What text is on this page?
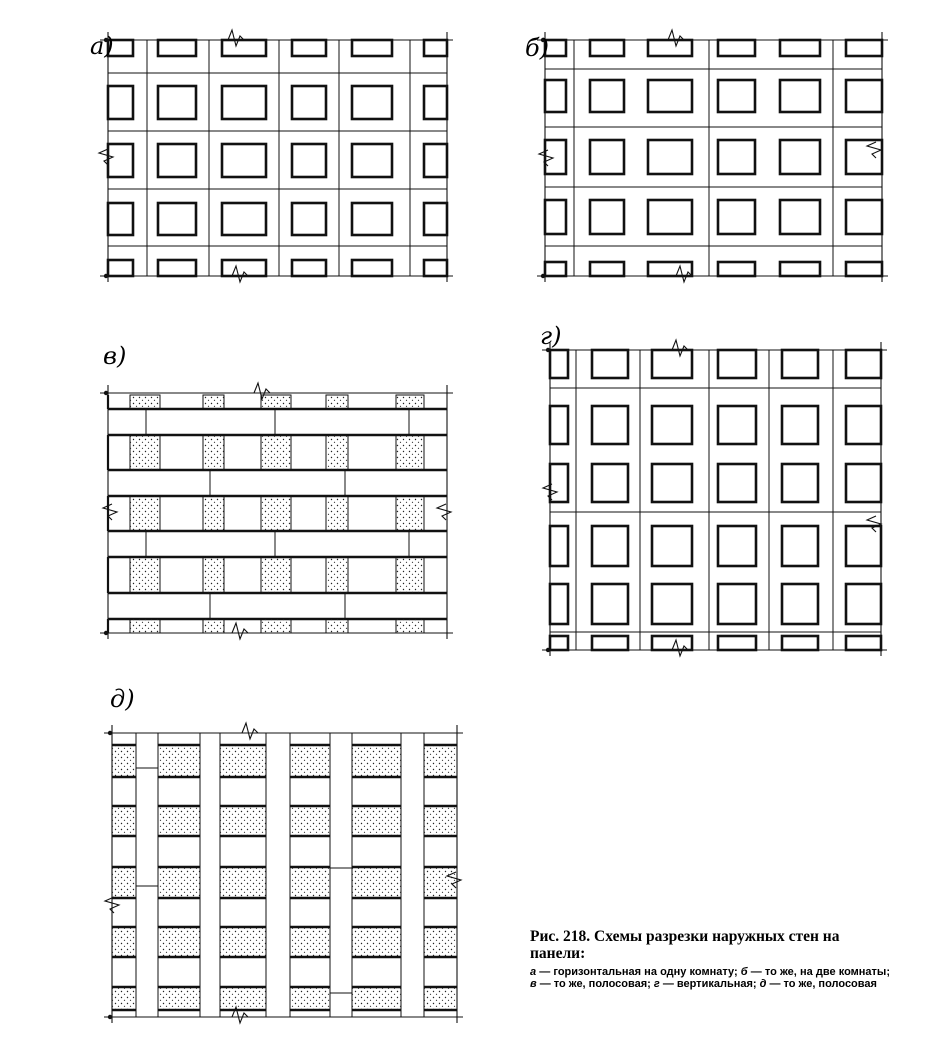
а)	б)
в)
г)
д)
Рис. 218. Схемы разрезки наружных стен на панели:
а — горизонтальная на одну комнату; б — то же, на две комнаты; в — то же, полосовая; г — вертикальная; д — то же, полосовая
